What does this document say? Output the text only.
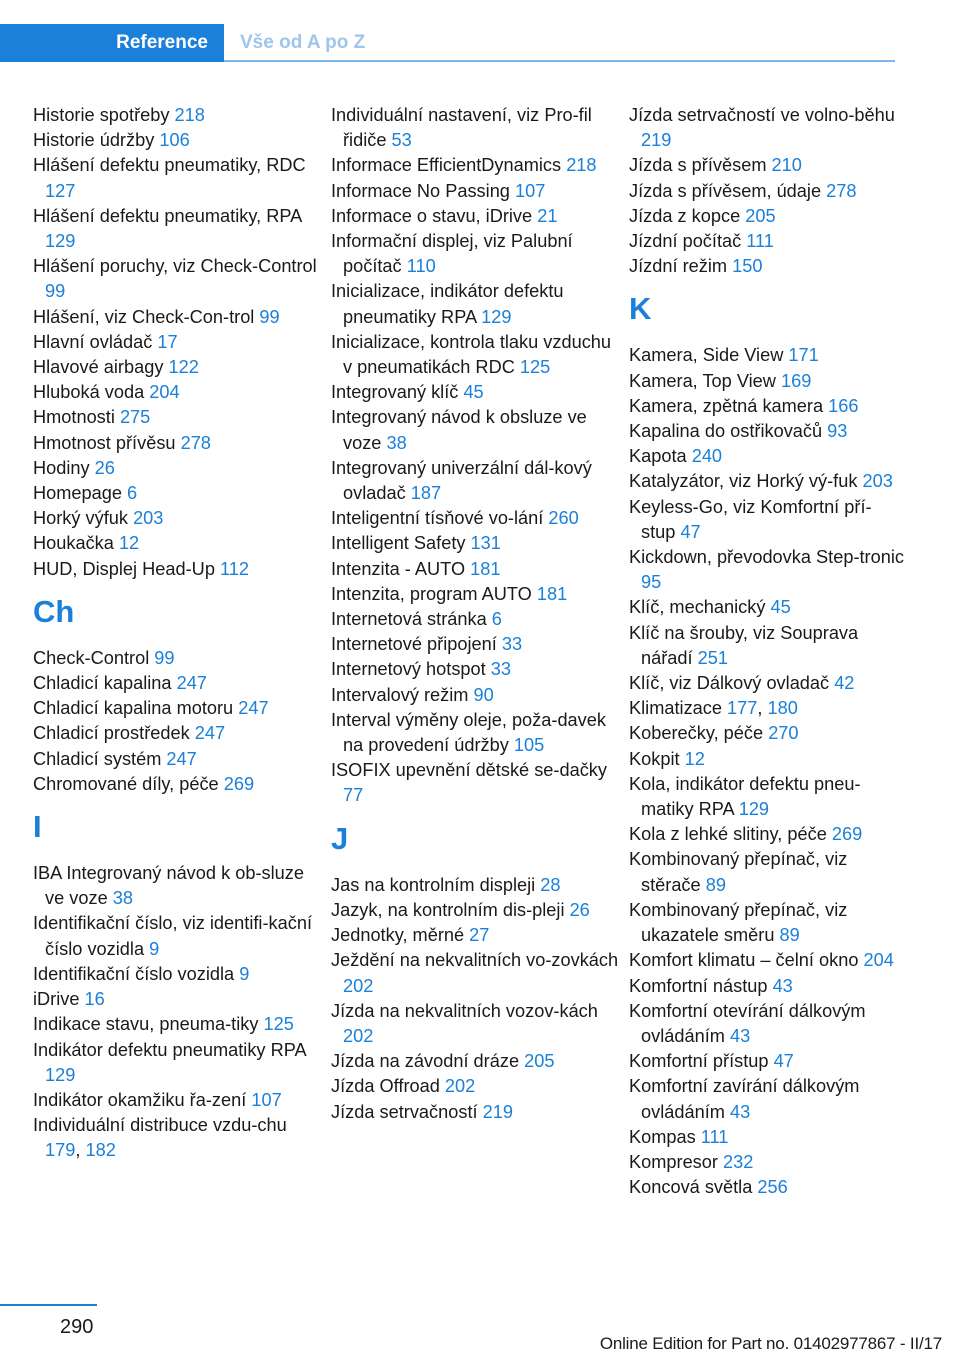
Reference	Vše od A po Z
Historie spotřeby 218
Historie údržby 106
Hlášení defektu pneumatiky, RDC 127
Hlášení defektu pneumatiky, RPA 129
Hlášení poruchy, viz Check-Control 99
Hlášení, viz Check-Con-trol 99
Hlavní ovládač 17
Hlavové airbagy 122
Hluboká voda 204
Hmotnosti 275
Hmotnost přívěsu 278
Hodiny 26
Homepage 6
Horký výfuk 203
Houkačka 12
HUD, Displej Head-Up 112
Ch
Check-Control 99
Chladicí kapalina 247
Chladicí kapalina motoru 247
Chladicí prostředek 247
Chladicí systém 247
Chromované díly, péče 269
I
IBA Integrovaný návod k ob-sluze ve voze 38
Identifikační číslo, viz identifi-kační číslo vozidla 9
Identifikační číslo vozidla 9
iDrive 16
Indikace stavu, pneuma-tiky 125
Indikátor defektu pneumatiky RPA 129
Indikátor okamžiku řa-zení 107
Individuální distribuce vzdu-chu 179, 182
Individuální nastavení, viz Pro-fil řidiče 53
Informace EfficientDynamics 218
Informace No Passing 107
Informace o stavu, iDrive 21
Informační displej, viz Palubní počítač 110
Inicializace, indikátor defektu pneumatiky RPA 129
Inicializace, kontrola tlaku vzduchu v pneumatikách RDC 125
Integrovaný klíč 45
Integrovaný návod k obsluze ve voze 38
Integrovaný univerzální dál-kový ovladač 187
Inteligentní tísňové vo-lání 260
Intelligent Safety 131
Intenzita - AUTO 181
Intenzita, program AUTO 181
Internetová stránka 6
Internetové připojení 33
Internetový hotspot 33
Intervalový režim 90
Interval výměny oleje, poža-davek na provedení údržby 105
ISOFIX upevnění dětské se-dačky 77
J
Jas na kontrolním displeji 28
Jazyk, na kontrolním dis-pleji 26
Jednotky, měrné 27
Ježdění na nekvalitních vo-zovkách 202
Jízda na nekvalitních vozov-kách 202
Jízda na závodní dráze 205
Jízda Offroad 202
Jízda setrvačností 219
Jízda setrvačností ve volno-běhu 219
Jízda s přívěsem 210
Jízda s přívěsem, údaje 278
Jízda z kopce 205
Jízdní počítač 111
Jízdní režim 150
K
Kamera, Side View 171
Kamera, Top View 169
Kamera, zpětná kamera 166
Kapalina do ostřikovačů 93
Kapota 240
Katalyzátor, viz Horký vý-fuk 203
Keyless-Go, viz Komfortní pří-stup 47
Kickdown, převodovka Step-tronic 95
Klíč, mechanický 45
Klíč na šrouby, viz Souprava nářadí 251
Klíč, viz Dálkový ovladač 42
Klimatizace 177, 180
Koberečky, péče 270
Kokpit 12
Kola, indikátor defektu pneu-matiky RPA 129
Kola z lehké slitiny, péče 269
Kombinovaný přepínač, viz stěrače 89
Kombinovaný přepínač, viz ukazatele směru 89
Komfort klimatu – čelní okno 204
Komfortní nástup 43
Komfortní otevírání dálkovým ovládáním 43
Komfortní přístup 47
Komfortní zavírání dálkovým ovládáním 43
Kompas 111
Kompresor 232
Koncová světla 256
290
Online Edition for Part no. 01402977867 - II/17
